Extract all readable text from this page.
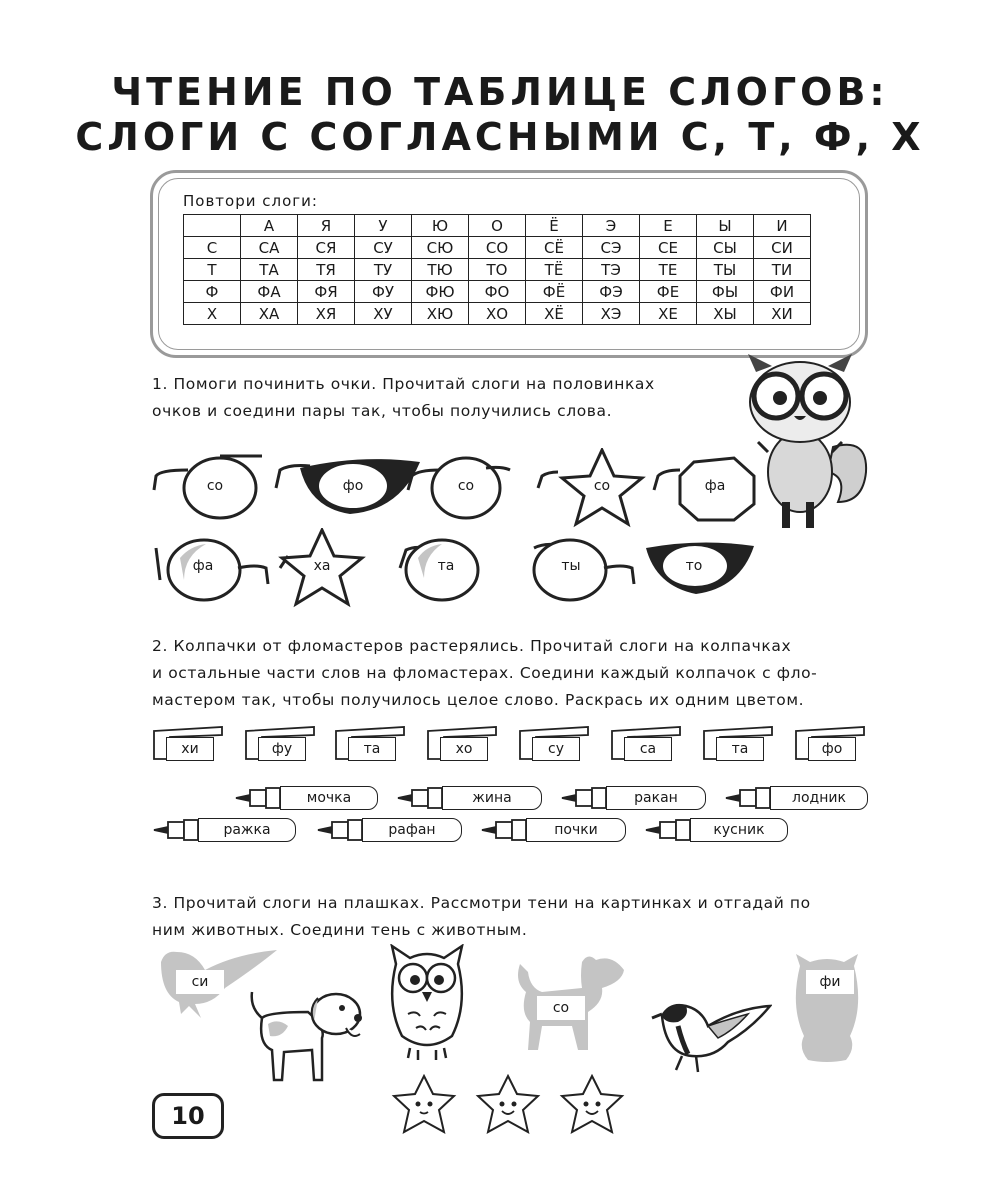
ЧТЕНИЕ ПО ТАБЛИЦЕ СЛОГОВ:
СЛОГИ С СОГЛАСНЫМИ С, Т, Ф, Х
Повтори слоги:
	А	Я	У	Ю	О	Ё	Э	Е	Ы	И
С	СА	СЯ	СУ	СЮ	СО	СЁ	СЭ	СЕ	СЫ	СИ
Т	ТА	ТЯ	ТУ	ТЮ	ТО	ТЁ	ТЭ	ТЕ	ТЫ	ТИ
Ф	ФА	ФЯ	ФУ	ФЮ	ФО	ФЁ	ФЭ	ФЕ	ФЫ	ФИ
Х	ХА	ХЯ	ХУ	ХЮ	ХО	ХЁ	ХЭ	ХЕ	ХЫ	ХИ
1. Помоги починить очки. Прочитай слоги на половинках
очков и соедини пары так, чтобы получились слова.
со	фо	со	со	фа
фа	ха	та	ты	то
2. Колпачки от фломастеров растерялись. Прочитай слоги на колпачках
и остальные части слов на фломастерах. Соедини каждый колпачок с фло-
мастером так, чтобы получилось целое слово. Раскрась их одним цветом.
хи	фу	та	хо	су	са	та	фо
мочка	жина	ракан	лодник
ражка	рафан	почки	кусник
3. Прочитай слоги на плашках. Рассмотри тени на картинках и отгадай по
ним животных. Соедини тень с животным.
си
со
фи
10
